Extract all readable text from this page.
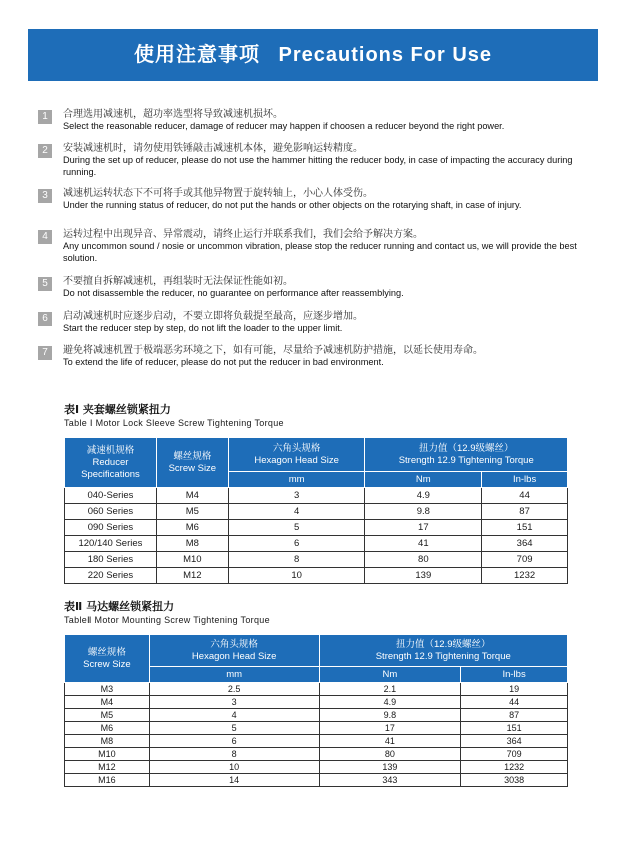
使用注意事项 Precautions For Use
1	合理选用减速机，超功率选型将导致减速机损坏。
Select the reasonable reducer, damage of reducer may happen if choosen a reducer beyond the right power.
2	安装减速机时，请勿使用铁锤敲击减速机本体，避免影响运转精度。
During the set up of reducer, please do not use the hammer hitting the reducer body, in case of impacting the accuracy during running.
3	减速机运转状态下不可将手或其他异物置于旋转轴上，小心人体受伤。
Under the running status of reducer, do not put the hands or other objects on the rotarying shaft, in case of injury.
4	运转过程中出现异音、异常震动，请终止运行并联系我们，我们会给予解决方案。
Any uncommon sound / nosie or uncommon vibration, please stop the reducer running and contact us, we will provide the best solution.
5	不要擅自拆解减速机，再组装时无法保证性能如初。
Do not disassemble the reducer, no guarantee on performance after reassemblying.
6	启动减速机时应逐步启动，不要立即将负载提至最高，应逐步增加。
Start the reducer step by step, do not lift the loader to the upper limit.
7	避免将减速机置于极端恶劣环境之下，如有可能，尽量给予减速机防护措施，以延长使用寿命。
To extend the life of reducer, please do not put the reducer in bad environment.
表Ⅰ 夹套螺丝锁紧扭力
Table Ⅰ Motor Lock Sleeve Screw Tightening Torque
减速机规格
Reducer
Specifications	螺丝规格
Screw Size	六角头规格
Hexagon Head Size	扭力值（12.9级螺丝）
Strength 12.9 Tightening Torque	
		mm	Nm	In-lbs
040-Series	M4	3	4.9	44
060 Series	M5	4	9.8	87
090 Series	M6	5	17	151
120/140 Series	M8	6	41	364
180 Series	M10	8	80	709
220 Series	M12	10	139	1232
表Ⅱ 马达螺丝锁紧扭力
TableⅡ Motor Mounting Screw Tightening Torque
螺丝规格
Screw Size	六角头规格
Hexagon Head Size	扭力值（12.9级螺丝）
Strength 12.9 Tightening Torque	
	mm	Nm	In-lbs
M3	2.5	2.1	19
M4	3	4.9	44
M5	4	9.8	87
M6	5	17	151
M8	6	41	364
M10	8	80	709
M12	10	139	1232
M16	14	343	3038
